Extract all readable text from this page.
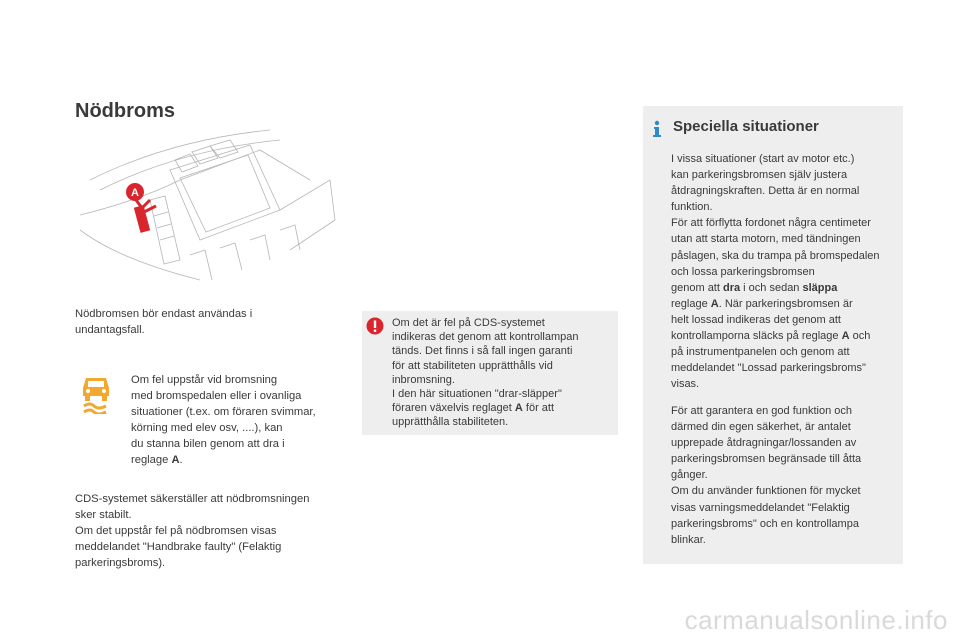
Nödbroms
A
Nödbromsen bör endast användas i
undantagsfall.
Om fel uppstår vid bromsning
med bromspedalen eller i ovanliga
situationer (t.ex. om föraren svimmar,
körning med elev osv, ....), kan
du stanna bilen genom att dra i
reglage A.
CDS-systemet säkerställer att nödbromsningen
sker stabilt.
Om det uppstår fel på nödbromsen visas
meddelandet "Handbrake faulty" (Felaktig
parkeringsbroms).
Om det är fel på CDS-systemet
indikeras det genom att kontrollampan
tänds. Det finns i så fall ingen garanti
för att stabiliteten upprätthålls vid
inbromsning.
I den här situationen "drar-släpper"
föraren växelvis reglaget A för att
upprätthålla stabiliteten.
Speciella situationer
I vissa situationer (start av motor etc.)
kan parkeringsbromsen själv justera
åtdragningskraften. Detta är en normal
funktion.
För att förflytta fordonet några centimeter
utan att starta motorn, med tändningen
påslagen, ska du trampa på bromspedalen
och lossa parkeringsbromsen
genom att dra i och sedan släppa
reglage A. När parkeringsbromsen är
helt lossad indikeras det genom att
kontrollamporna släcks på reglage A och
på instrumentpanelen och genom att
meddelandet "Lossad parkeringsbroms"
visas.
För att garantera en god funktion och
därmed din egen säkerhet, är antalet
upprepade åtdragningar/lossanden av
parkeringsbromsen begränsade till åtta
gånger.
Om du använder funktionen för mycket
visas varningsmeddelandet "Felaktig
parkeringsbroms" och en kontrollampa
blinkar.
carmanualsonline.info
